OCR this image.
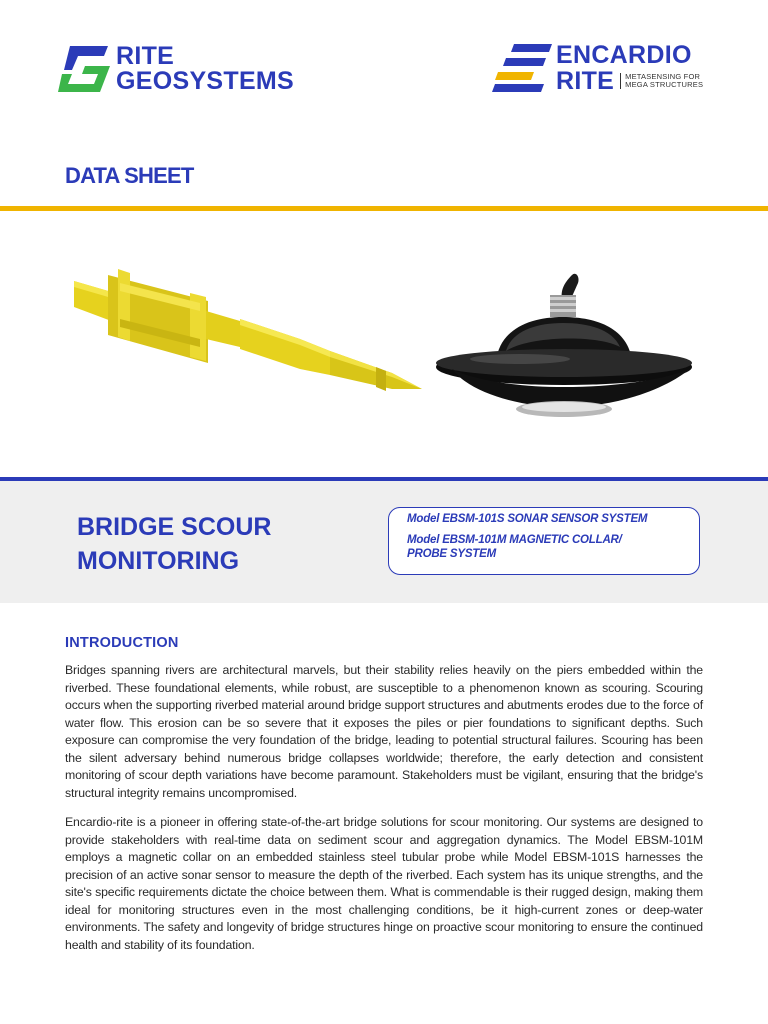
RITE
GEOSYSTEMS
ENCARDIO
RITE METASENSING FOR
MEGA STRUCTURES
DATA SHEET
BRIDGE SCOUR
MONITORING

Model EBSM-101S SONAR SENSOR SYSTEM

Model EBSM-101M MAGNETIC COLLAR/

PROBE SYSTEM

INTRODUCTION

Bridges spanning rivers are architectural marvels, but their stability relies heavily on the piers embedded within the riverbed. These foundational elements, while robust, are susceptible to a phenomenon known as scouring. Scouring occurs when the supporting riverbed material around bridge support structures and abutments erodes due to the force of water flow. This erosion can be so severe that it exposes the piles or pier foundations to significant depths. Such exposure can compromise the very foundation of the bridge, leading to potential structural failures. Scouring has been the silent adversary behind numerous bridge collapses worldwide; therefore, the early detection and consistent monitoring of scour depth variations have become paramount. Stakeholders must be vigilant, ensuring that the bridge's structural integrity remains uncompromised.

Encardio-rite is a pioneer in offering state-of-the-art bridge solutions for scour monitoring. Our systems are designed to provide stakeholders with real-time data on sediment scour and aggregation dynamics. The Model EBSM-101M employs a magnetic collar on an embedded stainless steel tubular probe while Model EBSM-101S harnesses the precision of an active sonar sensor to measure the depth of the riverbed. Each system has its unique strengths, and the site's specific requirements dictate the choice between them. What is commendable is their rugged design, making them ideal for monitoring structures even in the most challenging conditions, be it high-current zones or deep-water environments. The safety and longevity of bridge structures hinge on proactive scour monitoring to ensure the continued health and stability of its foundation.
